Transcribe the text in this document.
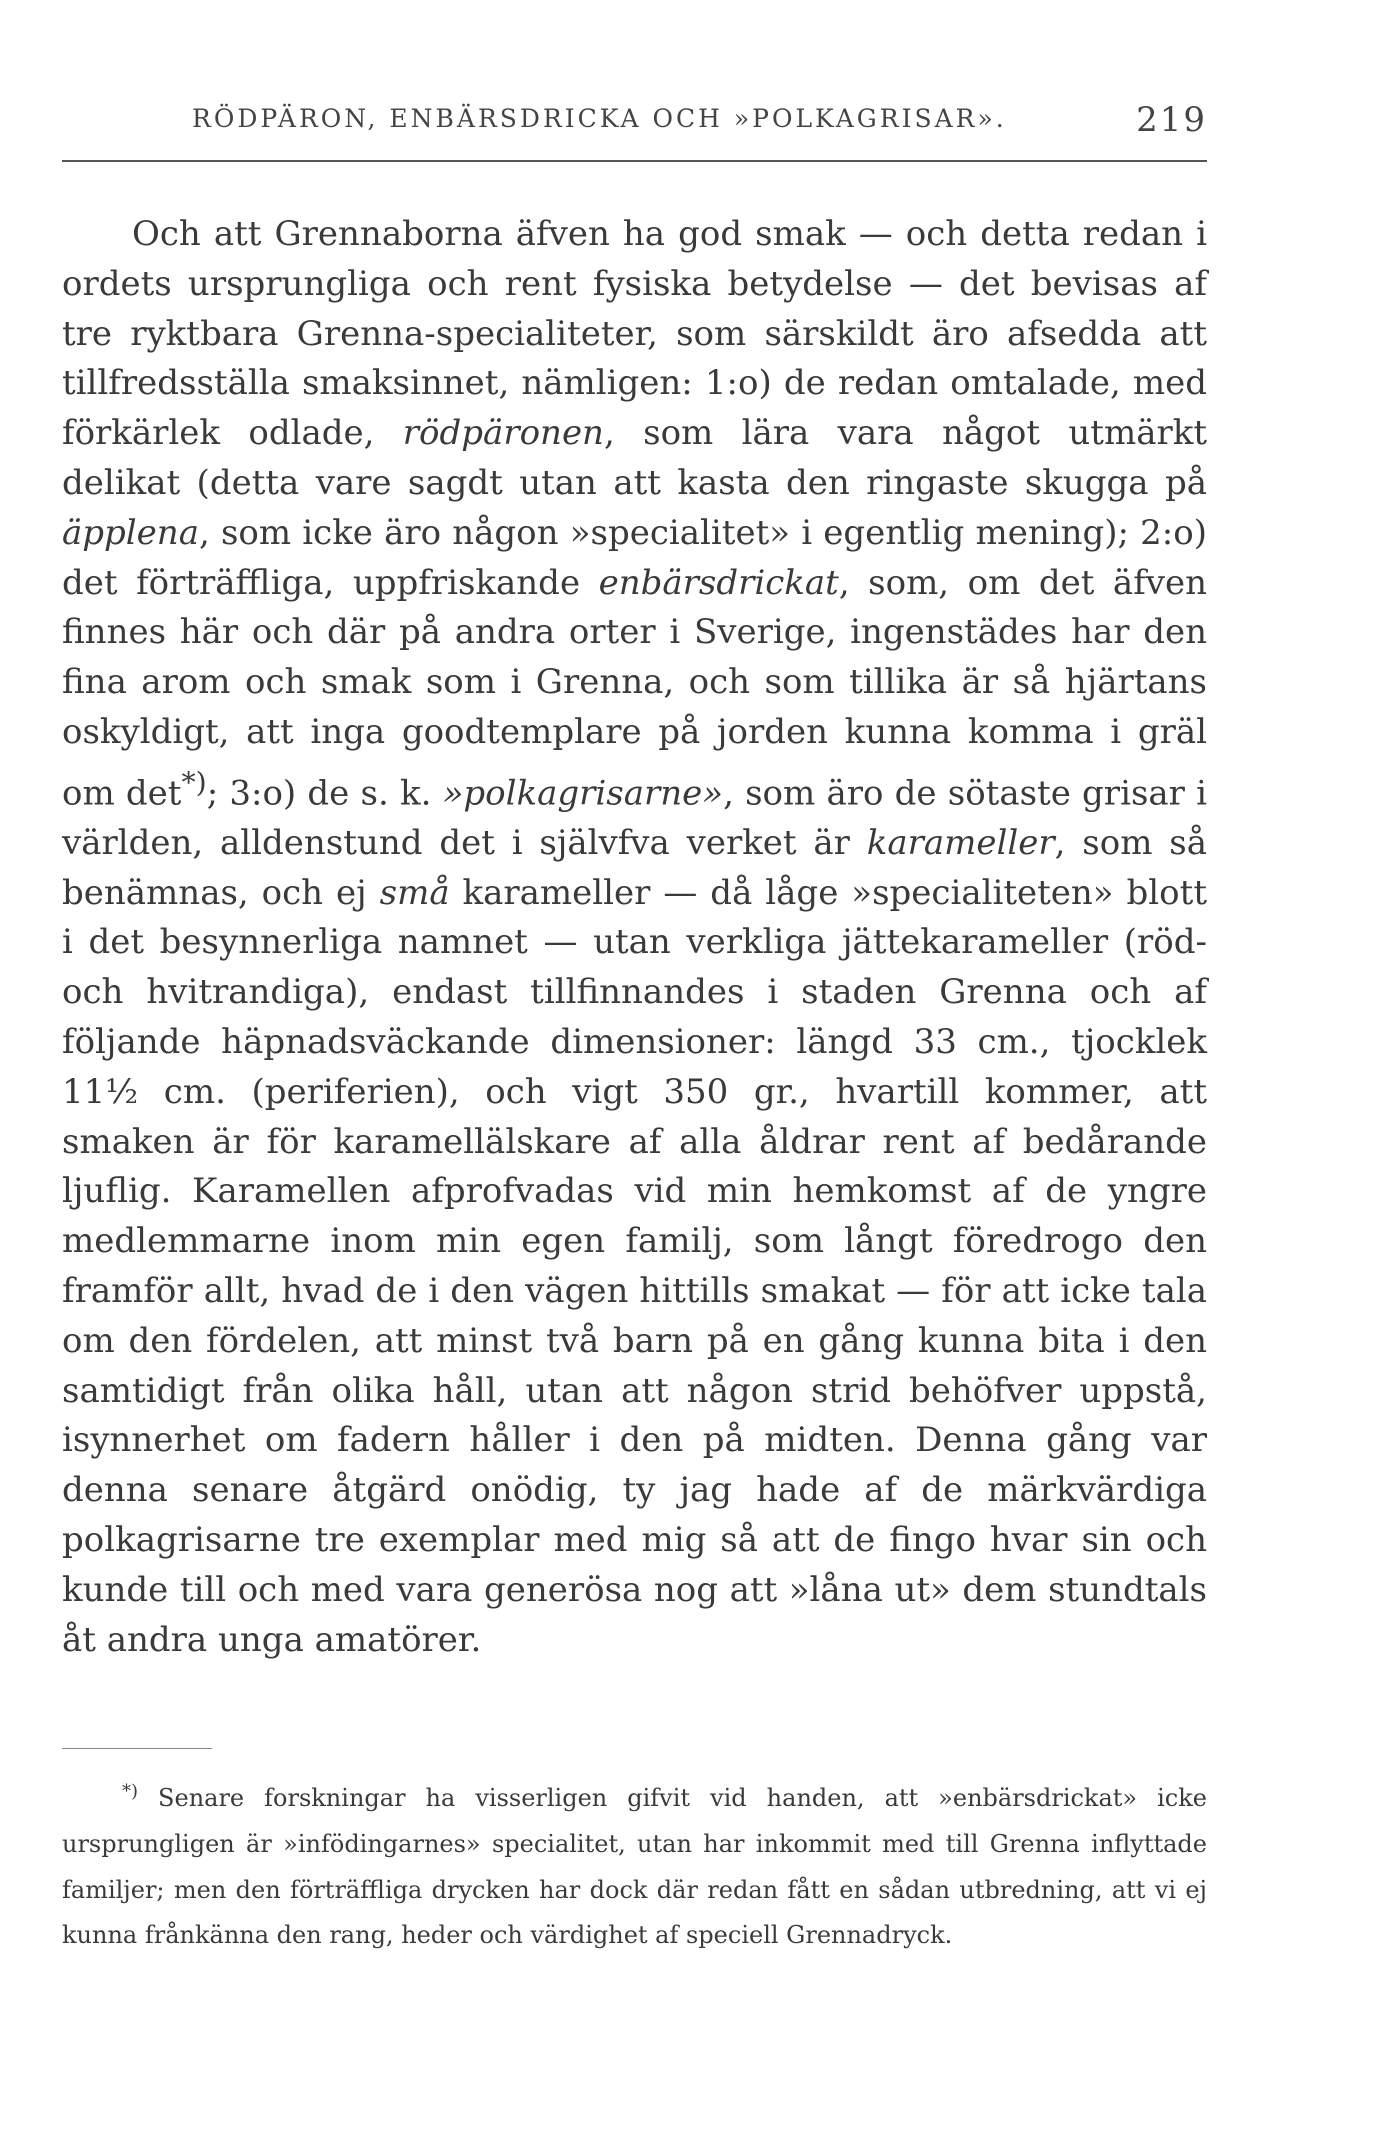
RÖDPÄRON, ENBÄRSDRICKA OCH »POLKAGRISAR».	219

Och att Grennaborna äfven ha god smak — och detta redan i ordets ursprungliga och rent fysiska betydelse — det bevisas af tre ryktbara Grenna-specialiteter, som särskildt äro afsedda att tillfredsställa smaksinnet, nämligen: 1:o) de redan omtalade, med förkärlek odlade, rödpäronen, som lära vara något utmärkt delikat (detta vare sagdt utan att kasta den ringaste skugga på äpplena, som icke äro någon »specialitet» i egentlig mening); 2:o) det förträffliga, uppfriskande enbärsdrickat, som, om det äfven finnes här och där på andra orter i Sverige, ingenstädes har den fina arom och smak som i Grenna, och som tillika är så hjärtans oskyldigt, att inga goodtemplare på jorden kunna komma i gräl om det*); 3:o) de s. k. »polkagrisarne», som äro de sötaste grisar i världen, alldenstund det i självfva verket är karameller, som så benämnas, och ej små karameller — då låge »specialiteten» blott i det besynnerliga namnet — utan verkliga jättekarameller (röd- och hvitrandiga), endast tillfinnandes i staden Grenna och af följande häpnadsväckande dimensioner: längd 33 cm., tjocklek 11½ cm. (periferien), och vigt 350 gr., hvartill kommer, att smaken är för karamellälskare af alla åldrar rent af bedårande ljuflig. Karamellen afprofvadas vid min hemkomst af de yngre medlemmarne inom min egen familj, som långt föredrogo den framför allt, hvad de i den vägen hittills smakat — för att icke tala om den fördelen, att minst två barn på en gång kunna bita i den samtidigt från olika håll, utan att någon strid behöfver uppstå, isynnerhet om fadern håller i den på midten. Denna gång var denna senare åtgärd onödig, ty jag hade af de märkvärdiga polkagrisarne tre exemplar med mig så att de fingo hvar sin och kunde till och med vara generösa nog att »låna ut» dem stundtals åt andra unga amatörer.

*) Senare forskningar ha visserligen gifvit vid handen, att »enbärsdrickat» icke ursprungligen är »infödingarnes» specialitet, utan har inkommit med till Grenna inflyttade familjer; men den förträffliga drycken har dock där redan fått en sådan utbredning, att vi ej kunna frånkänna den rang, heder och värdighet af speciell Grennadryck.
